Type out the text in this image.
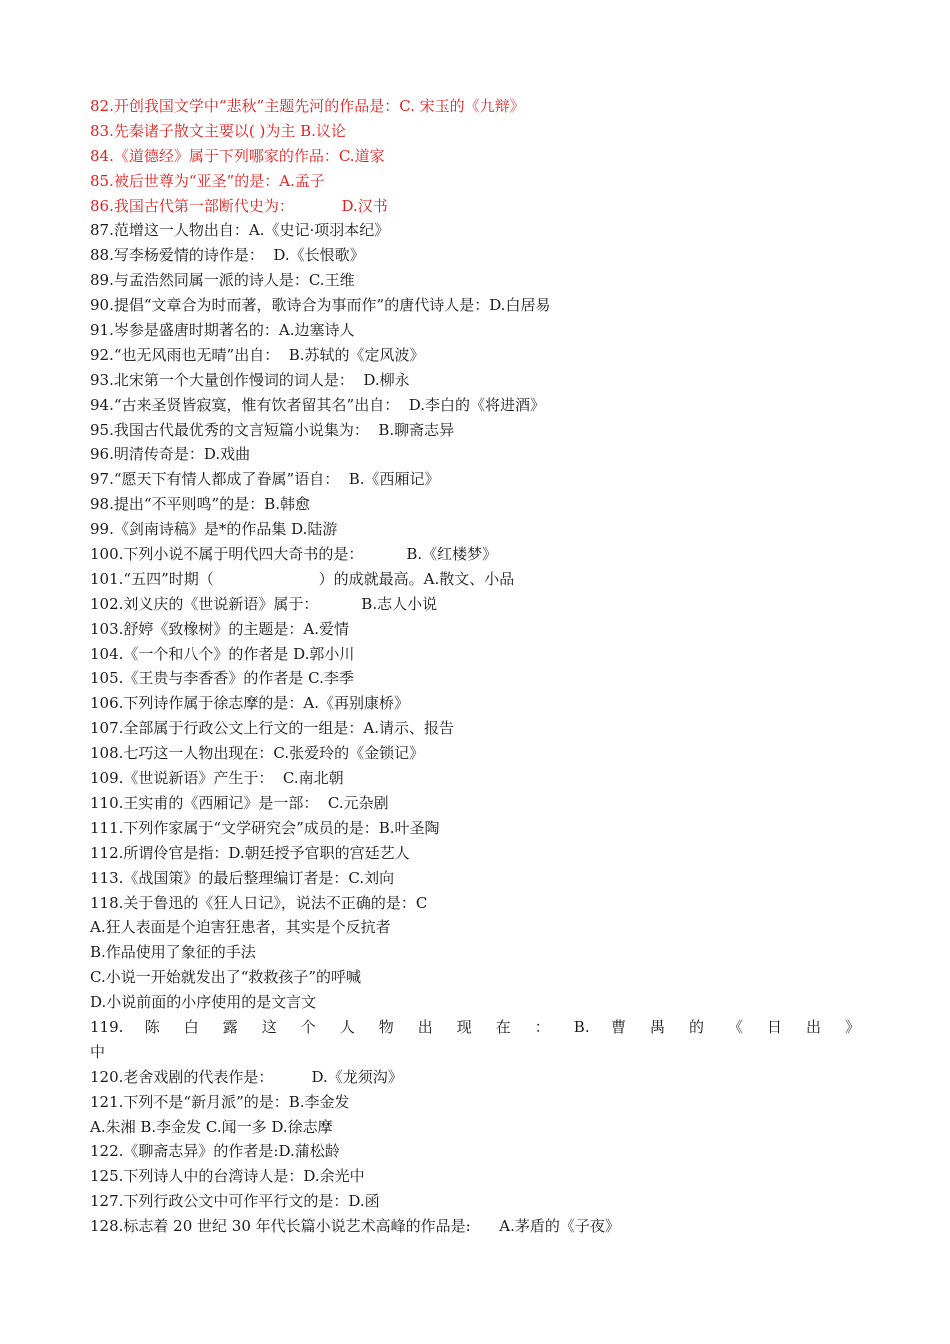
82.开创我国文学中“悲秋”主题先河的作品是：C. 宋玉的《九辩》
83.先秦诸子散文主要以( )为主 B.议论
84.《道德经》属于下列哪家的作品：C.道家
85.被后世尊为“亚圣”的是：A.孟子
86.我国古代第一部断代史为：          D.汉书
87.范增这一人物出自：A.《史记·项羽本纪》
88.写李杨爱情的诗作是：  D.《长恨歌》
89.与孟浩然同属一派的诗人是：C.王维
90.提倡“文章合为时而著，歌诗合为事而作”的唐代诗人是：D.白居易
91.岑参是盛唐时期著名的：A.边塞诗人
92.“也无风雨也无晴”出自：  B.苏轼的《定风波》
93.北宋第一个大量创作慢词的词人是：  D.柳永
94.“古来圣贤皆寂寞，惟有饮者留其名”出自：  D.李白的《将进酒》
95.我国古代最优秀的文言短篇小说集为：  B.聊斋志异
96.明清传奇是：D.戏曲
97.“愿天下有情人都成了眷属”语自：  B.《西厢记》
98.提出“不平则鸣”的是：B.韩愈
99.《剑南诗稿》是*的作品集 D.陆游
100.下列小说不属于明代四大奇书的是：         B.《红楼梦》
101.“五四”时期（                      ）的成就最高。A.散文、小品
102.刘义庆的《世说新语》属于：         B.志人小说
103.舒婷《致橡树》的主题是：A.爱情
104.《一个和八个》的作者是 D.郭小川
105.《王贵与李香香》的作者是 C.李季
106.下列诗作属于徐志摩的是：A.《再别康桥》
107.全部属于行政公文上行文的一组是：A.请示、报告
108.七巧这一人物出现在：C.张爱玲的《金锁记》
109.《世说新语》产生于：  C.南北朝
110.王实甫的《西厢记》是一部：  C.元杂剧
111.下列作家属于“文学研究会”成员的是：B.叶圣陶
112.所谓伶官是指：D.朝廷授予官职的宫廷艺人
113.《战国策》的最后整理编订者是：C.刘向
118.关于鲁迅的《狂人日记》，说法不正确的是：C
A.狂人表面是个迫害狂患者，其实是个反抗者
B.作品使用了象征的手法
C.小说一开始就发出了“救救孩子”的呼喊
D.小说前面的小序使用的是文言文
119. 陈 白 露 这 个 人 物 出 现 在 ： B. 曹 禺 的 《 日 出 》
中
120.老舍戏剧的代表作是：        D.《龙须沟》
121.下列不是“新月派”的是：B.李金发
A.朱湘 B.李金发 C.闻一多 D.徐志摩
122.《聊斋志异》的作者是:D.蒲松龄
125.下列诗人中的台湾诗人是：D.余光中
127.下列行政公文中可作平行文的是：D.函
128.标志着 20 世纪 30 年代长篇小说艺术高峰的作品是:      A.茅盾的《子夜》
